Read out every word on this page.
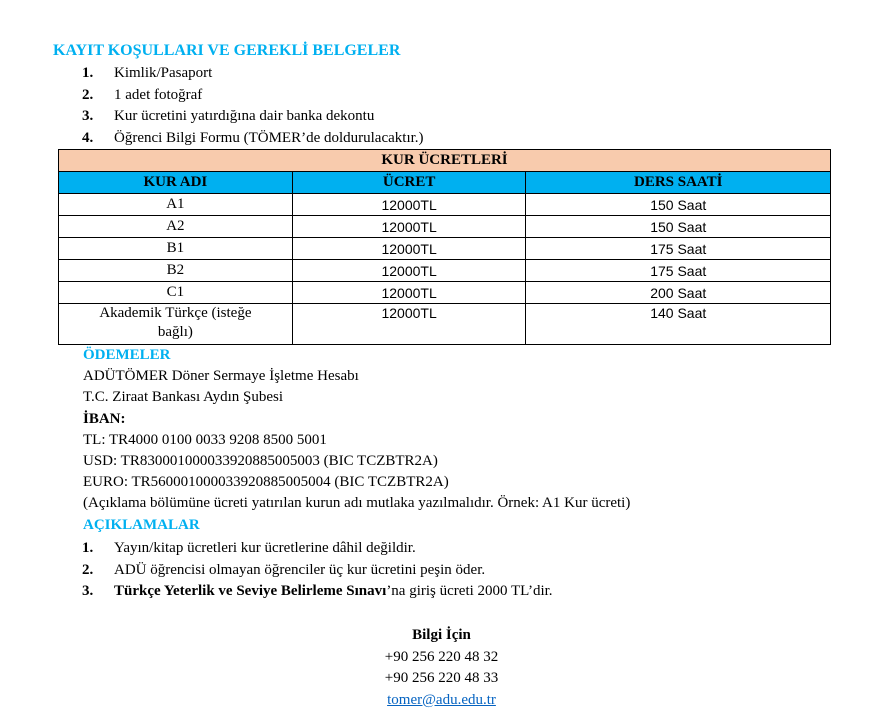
KAYIT KOŞULLARI VE GEREKLİ BELGELER
1. Kimlik/Pasaport
2. 1 adet fotoğraf
3. Kur ücretini yatırdığına dair banka dekontu
4. Öğrenci Bilgi Formu (TÖMER’de doldurulacaktır.)
KUR ÜCRETLERİ		
KUR ADI	ÜCRET	DERS SAATİ
A1	12000TL	150 Saat
A2	12000TL	150 Saat
B1	12000TL	175 Saat
B2	12000TL	175 Saat
C1	12000TL	200 Saat
Akademik Türkçe (isteğe bağlı)	12000TL	140 Saat
ÖDEMELER
ADÜTÖMER Döner Sermaye İşletme Hesabı
T.C. Ziraat Bankası Aydın Şubesi
İBAN:
TL: TR4000 0100 0033 9208 8500 5001
USD: TR830001000033920885005003 (BIC TCZBTR2A)
EURO: TR560001000033920885005004 (BIC TCZBTR2A)
(Açıklama bölümüne ücreti yatırılan kurun adı mutlaka yazılmalıdır. Örnek: A1 Kur ücreti)
AÇIKLAMALAR
1. Yayın/kitap ücretleri kur ücretlerine dâhil değildir.
2. ADÜ öğrencisi olmayan öğrenciler üç kur ücretini peşin öder.
3. Türkçe Yeterlik ve Seviye Belirleme Sınavı’na giriş ücreti 2000 TL’dir.
Bilgi İçin
+90 256 220 48 32
+90 256 220 48 33
tomer@adu.edu.tr
